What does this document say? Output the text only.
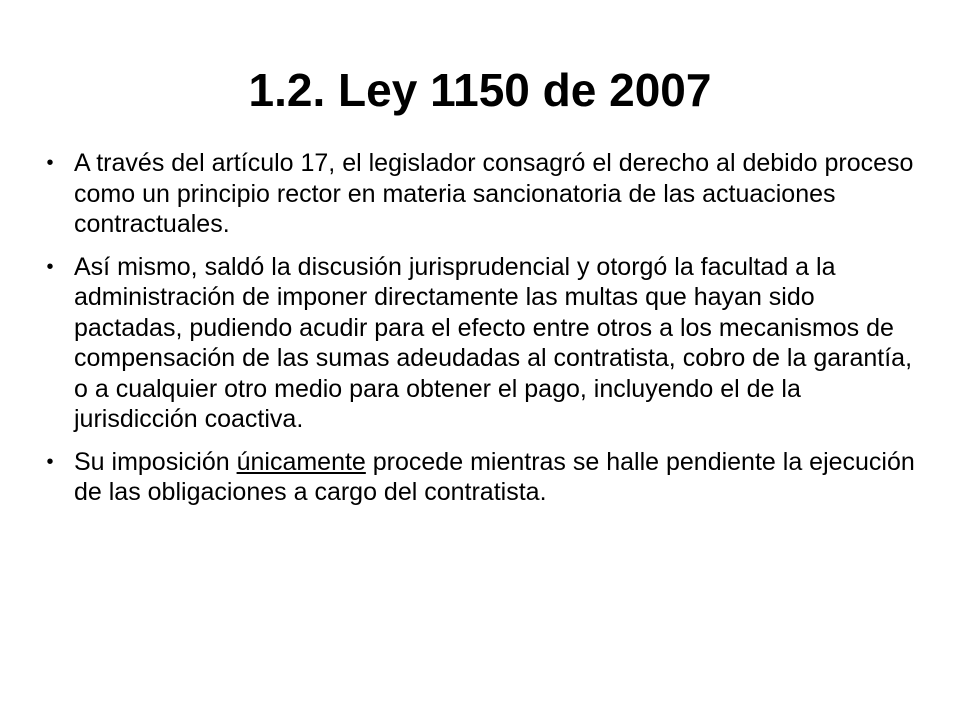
1.2. Ley 1150 de 2007
• A través del artículo 17, el legislador consagró el derecho al debido proceso como un principio rector en materia sancionatoria de las actuaciones contractuales.
• Así mismo, saldó la discusión jurisprudencial y otorgó la facultad a la administración de imponer directamente las multas que hayan sido pactadas, pudiendo acudir para el efecto entre otros a los mecanismos de compensación de las sumas adeudadas al contratista, cobro de la garantía, o a cualquier otro medio para obtener el pago, incluyendo el de la jurisdicción coactiva.
• Su imposición únicamente procede mientras se halle pendiente la ejecución de las obligaciones a cargo del contratista.
